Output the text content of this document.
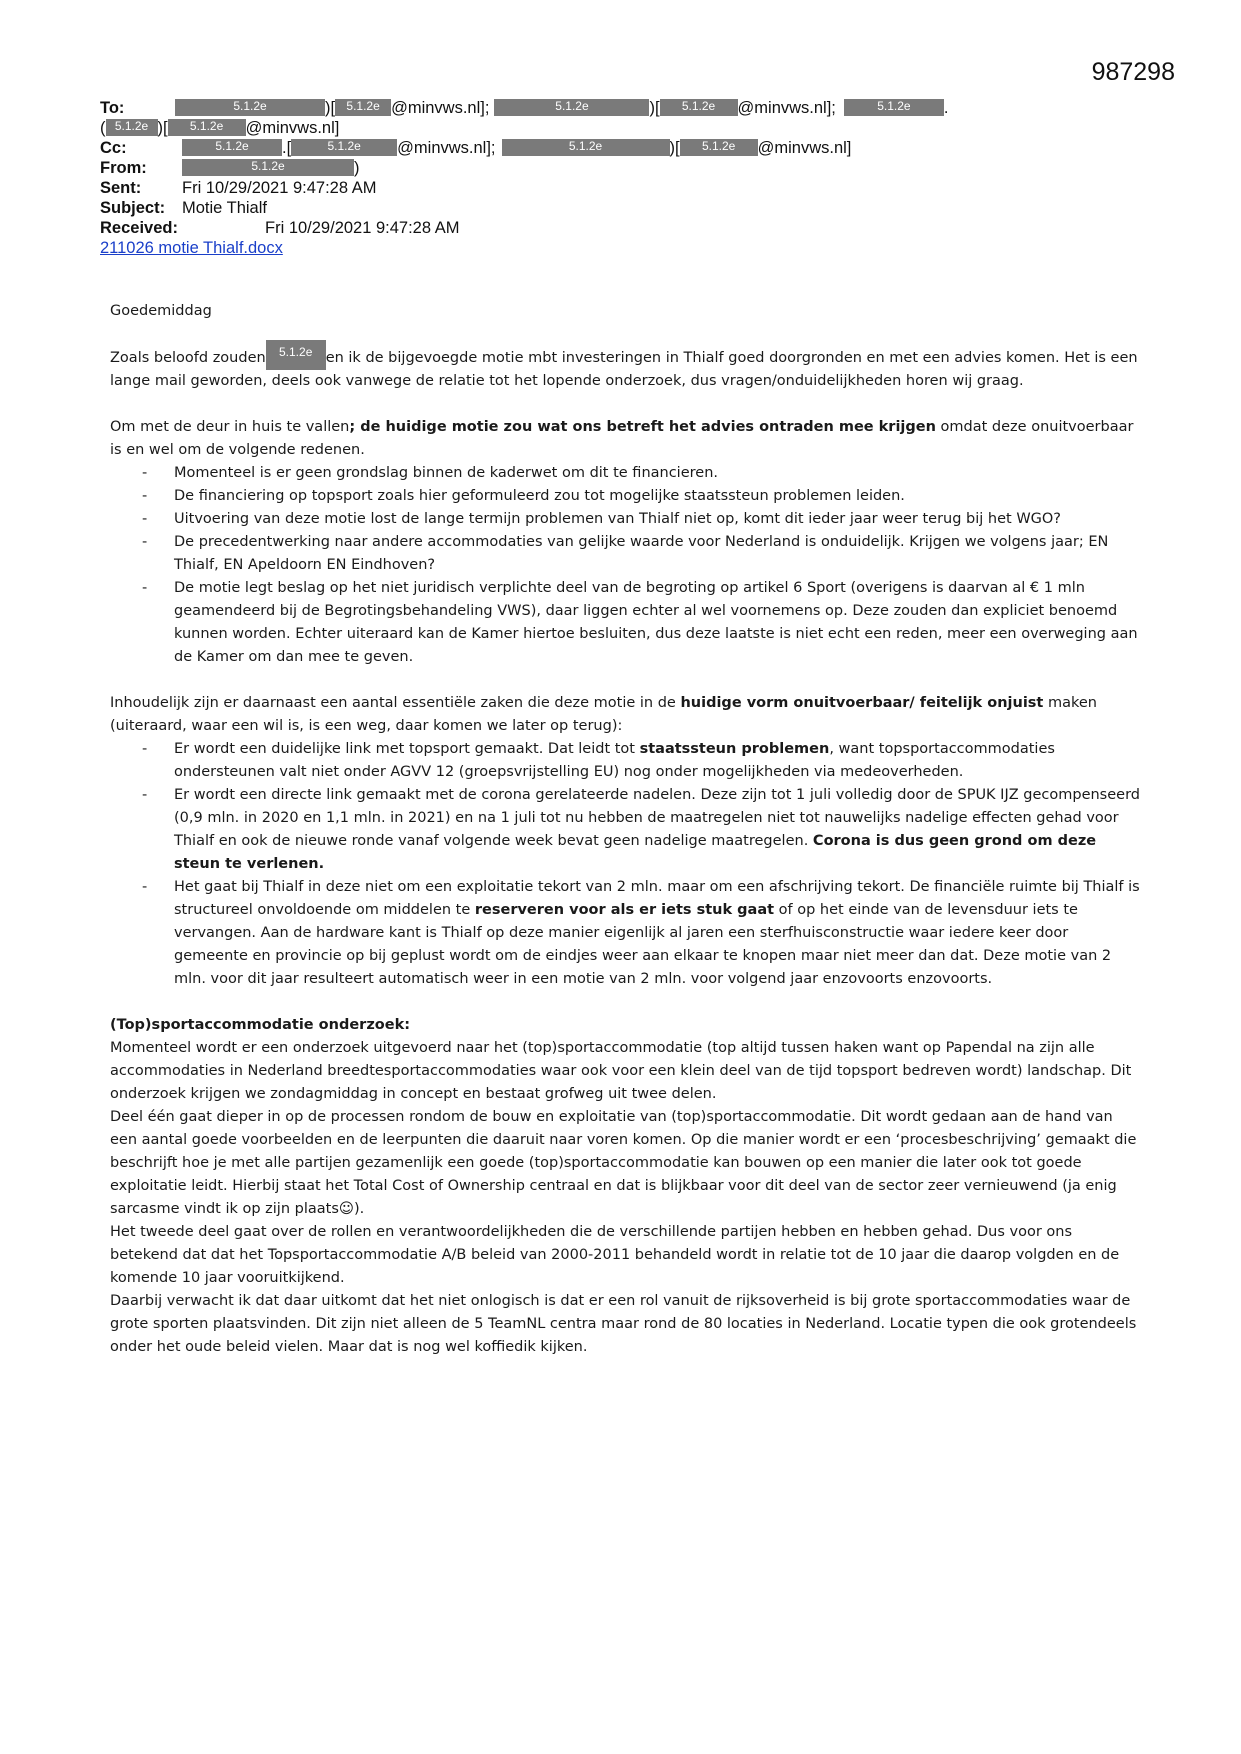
987298
To:	5.1.2e	)[ 5.1.2e @minvws.nl];	5.1.2e	)[ 5.1.2e @minvws.nl];	5.1.2e .
( 5.1.2e )[ 5.1.2e @minvws.nl]
Cc:	5.1.2e .[	5.1.2e @minvws.nl];	5.1.2e	)[ 5.1.2e @minvws.nl]
From:	5.1.2e	)
Sent: Fri 10/29/2021 9:47:28 AM
Subject: Motie Thialf
Received:	Fri 10/29/2021 9:47:28 AM
211026 motie Thialf.docx

Goedemiddag

Zoals beloofd zouden 5.1.2e en ik de bijgevoegde motie mbt investeringen in Thialf goed doorgronden en met een advies komen. Het is een lange mail geworden, deels ook vanwege de relatie tot het lopende onderzoek, dus vragen/onduidelijkheden horen wij graag.

Om met de deur in huis te vallen; de huidige motie zou wat ons betreft het advies ontraden mee krijgen omdat deze onuitvoerbaar is en wel om de volgende redenen.

- Momenteel is er geen grondslag binnen de kaderwet om dit te financieren.
- De financiering op topsport zoals hier geformuleerd zou tot mogelijke staatssteun problemen leiden.
- Uitvoering van deze motie lost de lange termijn problemen van Thialf niet op, komt dit ieder jaar weer terug bij het WGO?
- De precedentwerking naar andere accommodaties van gelijke waarde voor Nederland is onduidelijk. Krijgen we volgens jaar; EN Thialf, EN Apeldoorn EN Eindhoven?
- De motie legt beslag op het niet juridisch verplichte deel van de begroting op artikel 6 Sport (overigens is daarvan al € 1 mln geamendeerd bij de Begrotingsbehandeling VWS), daar liggen echter al wel voornemens op. Deze zouden dan expliciet benoemd kunnen worden. Echter uiteraard kan de Kamer hiertoe besluiten, dus deze laatste is niet echt een reden, meer een overweging aan de Kamer om dan mee te geven.

Inhoudelijk zijn er daarnaast een aantal essentiële zaken die deze motie in de huidige vorm onuitvoerbaar/ feitelijk onjuist maken (uiteraard, waar een wil is, is een weg, daar komen we later op terug):

- Er wordt een duidelijke link met topsport gemaakt. Dat leidt tot staatssteun problemen, want topsportaccommodaties ondersteunen valt niet onder AGVV 12 (groepsvrijstelling EU) nog onder mogelijkheden via medeoverheden.
- Er wordt een directe link gemaakt met de corona gerelateerde nadelen. Deze zijn tot 1 juli volledig door de SPUK IJZ gecompenseerd (0,9 mln. in 2020 en 1,1 mln. in 2021) en na 1 juli tot nu hebben de maatregelen niet tot nauwelijks nadelige effecten gehad voor Thialf en ook de nieuwe ronde vanaf volgende week bevat geen nadelige maatregelen. Corona is dus geen grond om deze steun te verlenen.
- Het gaat bij Thialf in deze niet om een exploitatie tekort van 2 mln. maar om een afschrijving tekort. De financiële ruimte bij Thialf is structureel onvoldoende om middelen te reserveren voor als er iets stuk gaat of op het einde van de levensduur iets te vervangen. Aan de hardware kant is Thialf op deze manier eigenlijk al jaren een sterfhuisconstructie waar iedere keer door gemeente en provincie op bij geplust wordt om de eindjes weer aan elkaar te knopen maar niet meer dan dat. Deze motie van 2 mln. voor dit jaar resulteert automatisch weer in een motie van 2 mln. voor volgend jaar enzovoorts enzovoorts.

(Top)sportaccommodatie onderzoek:

Momenteel wordt er een onderzoek uitgevoerd naar het (top)sportaccommodatie (top altijd tussen haken want op Papendal na zijn alle accommodaties in Nederland breedtesportaccommodaties waar ook voor een klein deel van de tijd topsport bedreven wordt) landschap. Dit onderzoek krijgen we zondagmiddag in concept en bestaat grofweg uit twee delen.

Deel één gaat dieper in op de processen rondom de bouw en exploitatie van (top)sportaccommodatie. Dit wordt gedaan aan de hand van een aantal goede voorbeelden en de leerpunten die daaruit naar voren komen. Op die manier wordt er een ‘procesbeschrijving’ gemaakt die beschrijft hoe je met alle partijen gezamenlijk een goede (top)sportaccommodatie kan bouwen op een manier die later ook tot goede exploitatie leidt. Hierbij staat het Total Cost of Ownership centraal en dat is blijkbaar voor dit deel van de sector zeer vernieuwend (ja enig sarcasme vindt ik op zijn plaats☺).

Het tweede deel gaat over de rollen en verantwoordelijkheden die de verschillende partijen hebben en hebben gehad. Dus voor ons betekend dat dat het Topsportaccommodatie A/B beleid van 2000-2011 behandeld wordt in relatie tot de 10 jaar die daarop volgden en de komende 10 jaar vooruitkijkend.

Daarbij verwacht ik dat daar uitkomt dat het niet onlogisch is dat er een rol vanuit de rijksoverheid is bij grote sportaccommodaties waar de grote sporten plaatsvinden. Dit zijn niet alleen de 5 TeamNL centra maar rond de 80 locaties in Nederland. Locatie typen die ook grotendeels onder het oude beleid vielen. Maar dat is nog wel koffiedik kijken.
